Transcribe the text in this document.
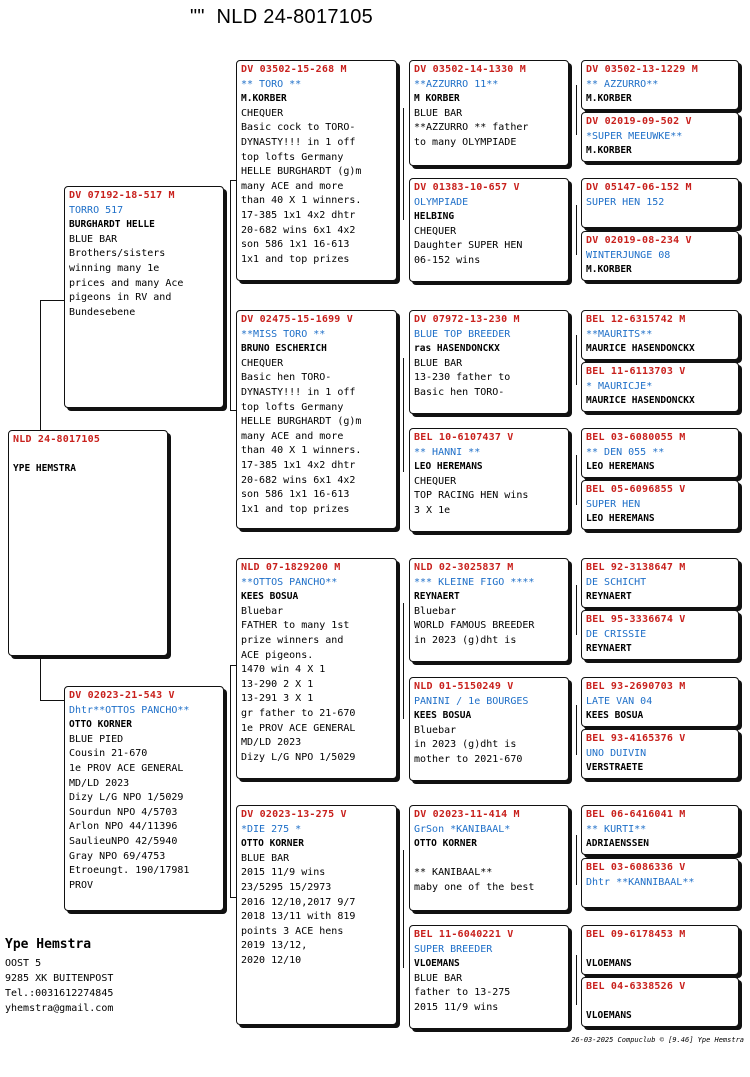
"" NLD 24-8017105
NLD 24-8017105

YPE HEMSTRA
DV 07192-18-517 M
TORRO 517
BURGHARDT HELLE
BLUE BAR
Brothers/sisters
winning many 1e
prices and many Ace
pigeons in RV and
Bundesebene
DV 02023-21-543 V
Dhtr**OTTOS PANCHO**
OTTO KORNER
BLUE PIED
Cousin 21-670
1e PROV ACE GENERAL
MD/LD 2023
Dizy L/G NPO 1/5029
Sourdun NPO 4/5703
Arlon NPO 44/11396
SaulieuNPO 42/5940
Gray NPO 69/4753
Etroeungt. 190/17981
PROV
DV 03502-15-268 M
** TORO **
M.KORBER
CHEQUER
Basic cock to TORO-
DYNASTY!!! in 1 off
top lofts Germany
HELLE BURGHARDT (g)m
many ACE and more
than 40 X 1 winners.
17-385 1x1 4x2 dhtr
20-682 wins 6x1 4x2
son 586 1x1 16-613
1x1 and top prizes
DV 02475-15-1699 V
**MISS TORO **
BRUNO ESCHERICH
CHEQUER
Basic hen TORO-
DYNASTY!!! in 1 off
top lofts Germany
HELLE BURGHARDT (g)m
many ACE and more
than 40 X 1 winners.
17-385 1x1 4x2 dhtr
20-682 wins 6x1 4x2
son 586 1x1 16-613
1x1 and top prizes
NLD 07-1829200 M
**OTTOS PANCHO**
KEES BOSUA
Bluebar
FATHER to many 1st
prize winners and
ACE pigeons.
1470 win 4 X 1
13-290 2 X 1
13-291 3 X 1
gr father to 21-670
1e PROV ACE GENERAL
MD/LD 2023
Dizy L/G NPO 1/5029
DV 02023-13-275 V
*DIE 275 *
OTTO KORNER
BLUE BAR
2015 11/9 wins
23/5295 15/2973
2016 12/10,2017 9/7
2018 13/11 with 819
points 3 ACE hens
2019 13/12,
2020 12/10
DV 03502-14-1330 M
**AZZURRO 11**
M KORBER
BLUE BAR
**AZZURRO ** father
to many OLYMPIADE
DV 01383-10-657 V
OLYMPIADE
HELBING
CHEQUER
Daughter SUPER HEN
06-152 wins
DV 07972-13-230 M
BLUE TOP BREEDER
ras HASENDONCKX
BLUE BAR
13-230 father to
Basic hen TORO-
BEL 10-6107437 V
** HANNI **
LEO HEREMANS
CHEQUER
TOP RACING HEN wins
3 X 1e
NLD 02-3025837 M
*** KLEINE FIGO ****
REYNAERT
Bluebar
WORLD FAMOUS BREEDER
in 2023 (g)dht is
NLD 01-5150249 V
PANINI / 1e BOURGES
KEES BOSUA
Bluebar
in 2023 (g)dht is
mother to 2021-670
DV 02023-11-414 M
GrSon *KANIBAAL*
OTTO KORNER

** KANIBAAL**
maby one of the best
BEL 11-6040221 V
SUPER BREEDER
VLOEMANS
BLUE BAR
father to 13-275
2015 11/9 wins
DV 03502-13-1229 M
** AZZURRO**
M.KORBER
DV 02019-09-502 V
*SUPER MEEUWKE**
M.KORBER
DV 05147-06-152 M
SUPER HEN 152

DV 02019-08-234 V
WINTERJUNGE 08
M.KORBER
BEL 12-6315742 M
**MAURITS**
MAURICE HASENDONCKX
BEL 11-6113703 V
* MAURICJE*
MAURICE HASENDONCKX
BEL 03-6080055 M
** DEN 055 **
LEO HEREMANS
BEL 05-6096855 V
SUPER HEN
LEO HEREMANS
BEL 92-3138647 M
DE SCHICHT
REYNAERT
BEL 95-3336674 V
DE CRISSIE
REYNAERT
BEL 93-2690703 M
LATE VAN 04
KEES BOSUA
BEL 93-4165376 V
UNO DUIVIN
VERSTRAETE
BEL 06-6416041 M
** KURTI**
ADRIAENSSEN
BEL 03-6086336 V
Dhtr **KANNIBAAL**

BEL 09-6178453 M

VLOEMANS
BEL 04-6338526 V

VLOEMANS
Ype Hemstra
OOST 5
9285 XK BUITENPOST
Tel.:0031612274845
yhemstra@gmail.com
26-03-2025 Compuclub © [9.46] Ype Hemstra
